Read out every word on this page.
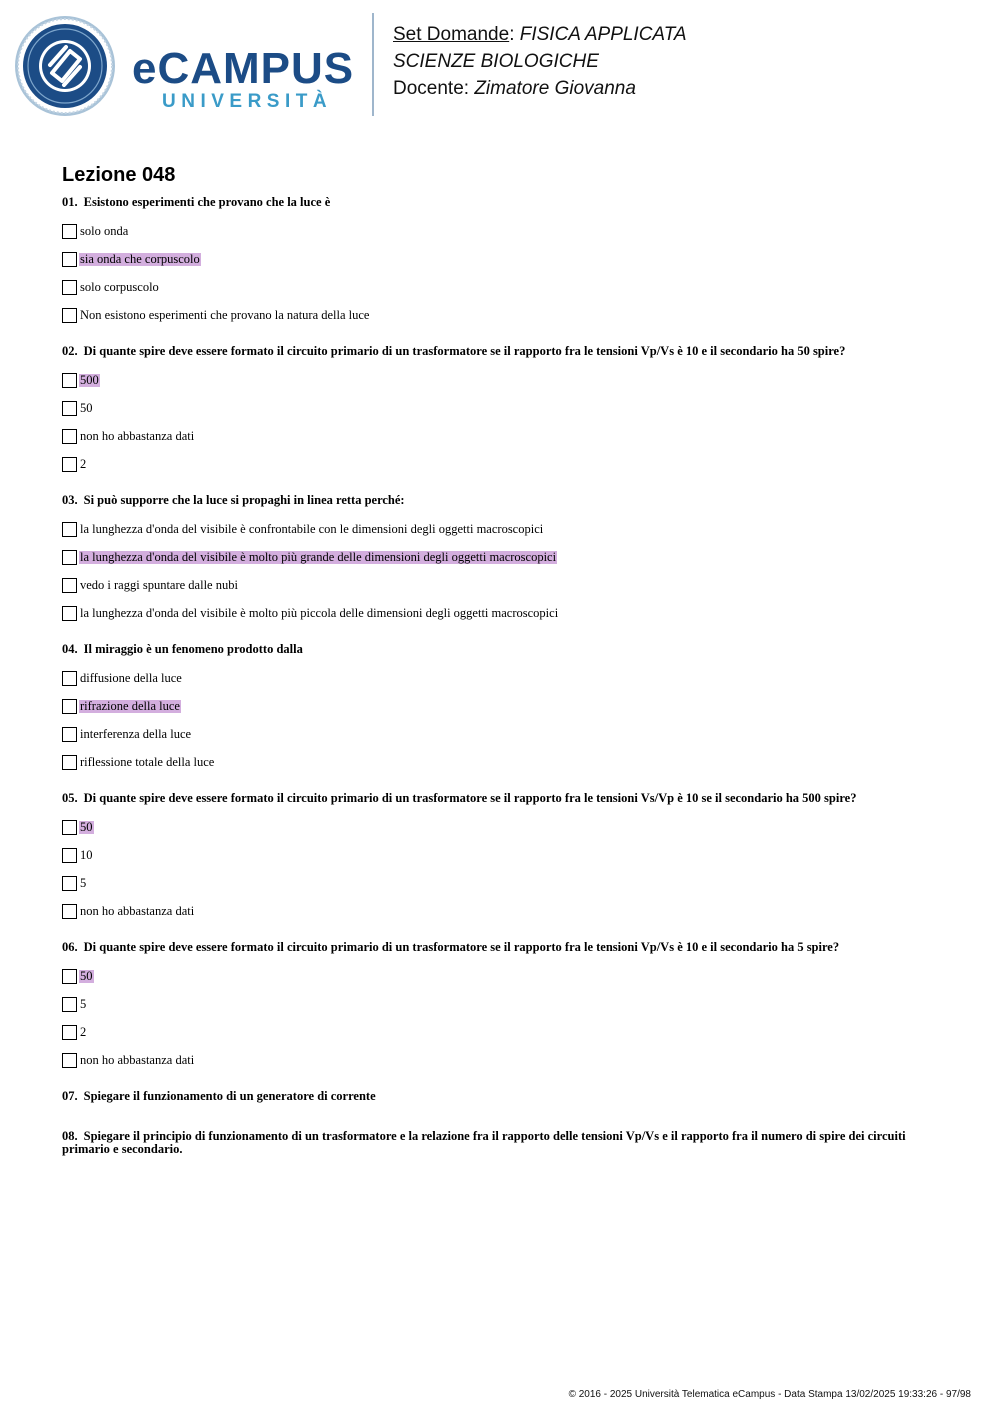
eCAMPUS
UNIVERSITÀ
Set Domande: FISICA APPLICATA
SCIENZE BIOLOGICHE
Docente: Zimatore Giovanna
Lezione 048
01. Esistono esperimenti che provano che la luce è
solo onda
sia onda che corpuscolo
solo corpuscolo
Non esistono esperimenti che provano la natura della luce
02. Di quante spire deve essere formato il circuito primario di un trasformatore se il rapporto fra le tensioni Vp/Vs è 10 e il secondario ha 50 spire?
500
50
non ho abbastanza dati
2
03. Si può supporre che la luce si propaghi in linea retta perché:
la lunghezza d'onda del visibile è confrontabile con le dimensioni degli oggetti macroscopici
la lunghezza d'onda del visibile è molto più grande delle dimensioni degli oggetti macroscopici
vedo i raggi spuntare dalle nubi
la lunghezza d'onda del visibile è molto più piccola delle dimensioni degli oggetti macroscopici
04. Il miraggio è un fenomeno prodotto dalla
diffusione della luce
rifrazione della luce
interferenza della luce
riflessione totale della luce
05. Di quante spire deve essere formato il circuito primario di un trasformatore se il rapporto fra le tensioni Vs/Vp è 10 se il secondario ha 500 spire?
50
10
5
non ho abbastanza dati
06. Di quante spire deve essere formato il circuito primario di un trasformatore se il rapporto fra le tensioni Vp/Vs è 10 e il secondario ha 5 spire?
50
5
2
non ho abbastanza dati
07. Spiegare il funzionamento di un generatore di corrente
08. Spiegare il principio di funzionamento di un trasformatore e la relazione fra il rapporto delle tensioni Vp/Vs e il rapporto fra il numero di spire dei circuiti primario e secondario.
© 2016 - 2025 Università Telematica eCampus - Data Stampa 13/02/2025 19:33:26 - 97/98
